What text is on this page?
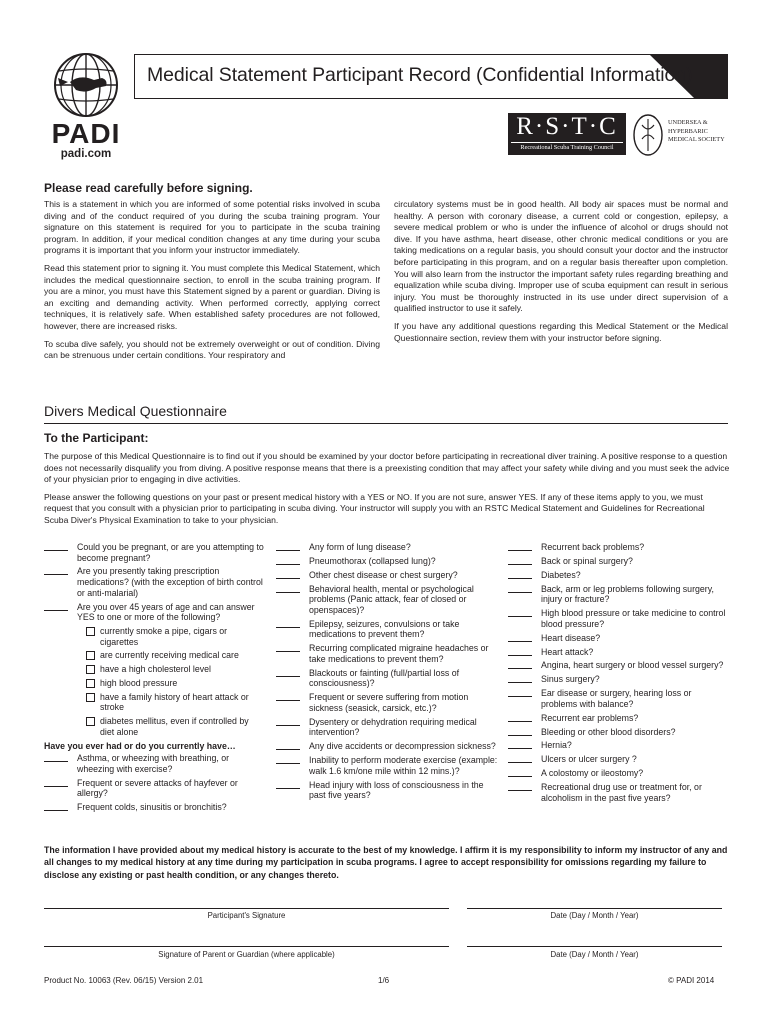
PADI
padi.com
Medical Statement Participant Record (Confidential Information)
R·S·T·C
Recreational Scuba Training Council
UNDERSEA &
HYPERBARIC
MEDICAL SOCIETY
Please read carefully before signing.

This is a statement in which you are informed of some potential risks involved in scuba diving and of the conduct required of you during the scuba training program. Your signature on this statement is required for you to participate in the scuba training program. In addition, if your medical condition changes at any time during your scuba programs it is important that you inform your instructor immediately.

Read this statement prior to signing it. You must complete this Medical Statement, which includes the medical questionnaire section, to enroll in the scuba training program. If you are a minor, you must have this Statement signed by a parent or guardian. Diving is an exciting and demanding activity. When performed correctly, applying correct techniques, it is relatively safe. When established safety procedures are not followed, however, there are increased risks.

To scuba dive safely, you should not be extremely overweight or out of condition. Diving can be strenuous under certain conditions. Your respiratory and

circulatory systems must be in good health. All body air spaces must be normal and healthy. A person with coronary disease, a current cold or congestion, epilepsy, a severe medical problem or who is under the influence of alcohol or drugs should not dive. If you have asthma, heart disease, other chronic medical conditions or you are taking medications on a regular basis, you should consult your doctor and the instructor before participating in this program, and on a regular basis thereafter upon completion. You will also learn from the instructor the important safety rules regarding breathing and equalization while scuba diving. Improper use of scuba equipment can result in serious injury. You must be thoroughly instructed in its use under direct supervision of a qualified instructor to use it safely.

If you have any additional questions regarding this Medical Statement or the Medical Questionnaire section, review them with your instructor before signing.

Divers Medical Questionnaire
To the Participant:

The purpose of this Medical Questionnaire is to find out if you should be examined by your doctor before participating in recreational diver training. A positive response to a question does not necessarily disqualify you from diving. A positive response means that there is a preexisting condition that may affect your safety while diving and you must seek the advice of your physician prior to engaging in dive activities.

Please answer the following questions on your past or present medical history with a YES or NO. If you are not sure, answer YES. If any of these items apply to you, we must request that you consult with a physician prior to participating in scuba diving. Your instructor will supply you with an RSTC Medical Statement and Guidelines for Recreational Scuba Diver's Physical Examination to take to your physician.

Could you be pregnant, or are you attempting to become pregnant?
Are you presently taking prescription medications? (with the exception of birth control or anti-malarial)
Are you over 45 years of age and can answer YES to one or more of the following?
currently smoke a pipe, cigars or cigarettes
are currently receiving medical care
have a high cholesterol level
high blood pressure
have a family history of heart attack or stroke
diabetes mellitus, even if controlled by diet alone
Have you ever had or do you currently have…
Asthma, or wheezing with breathing, or wheezing with exercise?
Frequent or severe attacks of hayfever or allergy?
Frequent colds, sinusitis or bronchitis?
Any form of lung disease?
Pneumothorax (collapsed lung)?
Other chest disease or chest surgery?
Behavioral health, mental or psychological problems (Panic attack, fear of closed or openspaces)?
Epilepsy, seizures, convulsions or take medications to prevent them?
Recurring complicated migraine headaches or take medications to prevent them?
Blackouts or fainting (full/partial loss of consciousness)?
Frequent or severe suffering from motion sickness (seasick, carsick, etc.)?
Dysentery or dehydration requiring medical intervention?
Any dive accidents or decompression sickness?
Inability to perform moderate exercise (example: walk 1.6 km/one mile within 12 mins.)?
Head injury with loss of consciousness in the past five years?
Recurrent back problems?
Back or spinal surgery?
Diabetes?
Back, arm or leg problems following surgery, injury or fracture?
High blood pressure or take medicine to control blood pressure?
Heart disease?
Heart attack?
Angina, heart surgery or blood vessel surgery?
Sinus surgery?
Ear disease or surgery, hearing loss or problems with balance?
Recurrent ear problems?
Bleeding or other blood disorders?
Hernia?
Ulcers or ulcer surgery ?
A colostomy or ileostomy?
Recreational drug use or treatment for, or alcoholism in the past five years?
The information I have provided about my medical history is accurate to the best of my knowledge. I affirm it is my responsibility to inform my instructor of any and all changes to my medical history at any time during my participation in scuba programs. I agree to accept responsibility for omissions regarding my failure to disclose any existing or past health condition, or any changes thereto.
Participant's Signature	Date (Day / Month / Year)
Signature of Parent or Guardian (where applicable)	Date (Day / Month / Year)
Product No. 10063 (Rev. 06/15) Version 2.01	1/6	© PADI 2014
